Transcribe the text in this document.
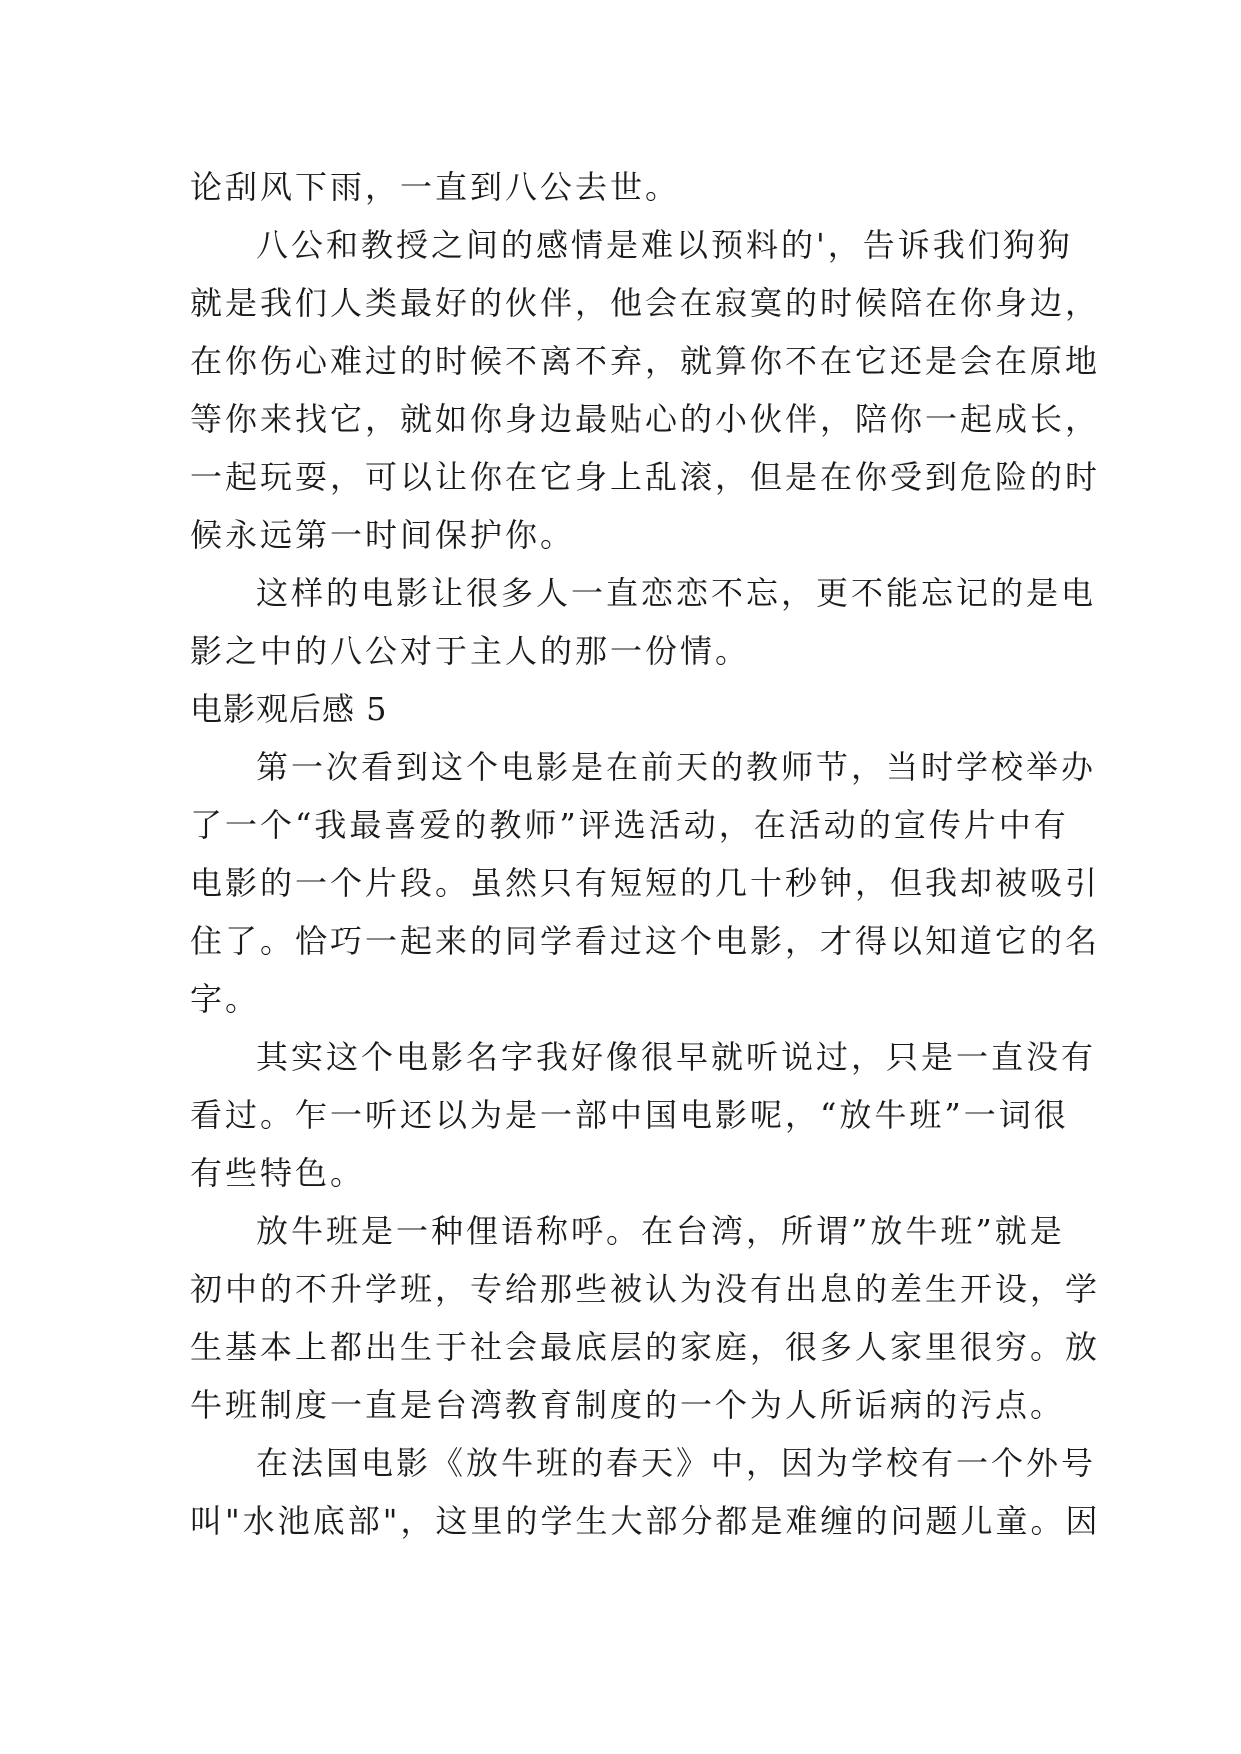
论刮风下雨，一直到八公去世。
八公和教授之间的感情是难以预料的'，告诉我们狗狗
就是我们人类最好的伙伴，他会在寂寞的时候陪在你身边，
在你伤心难过的时候不离不弃，就算你不在它还是会在原地
等你来找它，就如你身边最贴心的小伙伴，陪你一起成长，
一起玩耍，可以让你在它身上乱滚，但是在你受到危险的时
候永远第一时间保护你。
这样的电影让很多人一直恋恋不忘，更不能忘记的是电
影之中的八公对于主人的那一份情。
电影观后感 5
第一次看到这个电影是在前天的教师节，当时学校举办
了一个“我最喜爱的教师”评选活动，在活动的宣传片中有
电影的一个片段。虽然只有短短的几十秒钟，但我却被吸引
住了。恰巧一起来的同学看过这个电影，才得以知道它的名
字。
其实这个电影名字我好像很早就听说过，只是一直没有
看过。乍一听还以为是一部中国电影呢，“放牛班”一词很
有些特色。
放牛班是一种俚语称呼。在台湾，所谓”放牛班”就是
初中的不升学班，专给那些被认为没有出息的差生开设，学
生基本上都出生于社会最底层的家庭，很多人家里很穷。放
牛班制度一直是台湾教育制度的一个为人所诟病的污点。
在法国电影《放牛班的春天》中，因为学校有一个外号
叫"水池底部"，这里的学生大部分都是难缠的问题儿童。因
